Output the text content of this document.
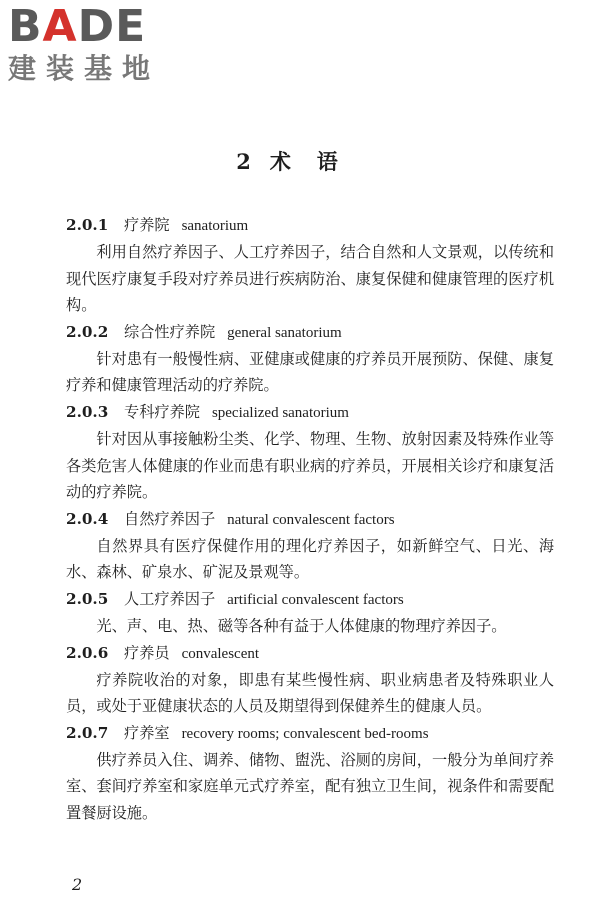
BADE
建装基地
2 术语
2.0.1 疗养院 sanatorium

利用自然疗养因子、人工疗养因子，结合自然和人文景观，以传统和现代医疗康复手段对疗养员进行疾病防治、康复保健和健康管理的医疗机构。

2.0.2 综合性疗养院 general sanatorium

针对患有一般慢性病、亚健康或健康的疗养员开展预防、保健、康复疗养和健康管理活动的疗养院。

2.0.3 专科疗养院 specialized sanatorium

针对因从事接触粉尘类、化学、物理、生物、放射因素及特殊作业等各类危害人体健康的作业而患有职业病的疗养员，开展相关诊疗和康复活动的疗养院。

2.0.4 自然疗养因子 natural convalescent factors

自然界具有医疗保健作用的理化疗养因子，如新鲜空气、日光、海水、森林、矿泉水、矿泥及景观等。

2.0.5 人工疗养因子 artificial convalescent factors

光、声、电、热、磁等各种有益于人体健康的物理疗养因子。

2.0.6 疗养员 convalescent

疗养院收治的对象，即患有某些慢性病、职业病患者及特殊职业人员，或处于亚健康状态的人员及期望得到保健养生的健康人员。

2.0.7 疗养室 recovery rooms; convalescent bed-rooms

供疗养员入住、调养、储物、盥洗、浴厕的房间，一般分为单间疗养室、套间疗养室和家庭单元式疗养室，配有独立卫生间，视条件和需要配置餐厨设施。

2
